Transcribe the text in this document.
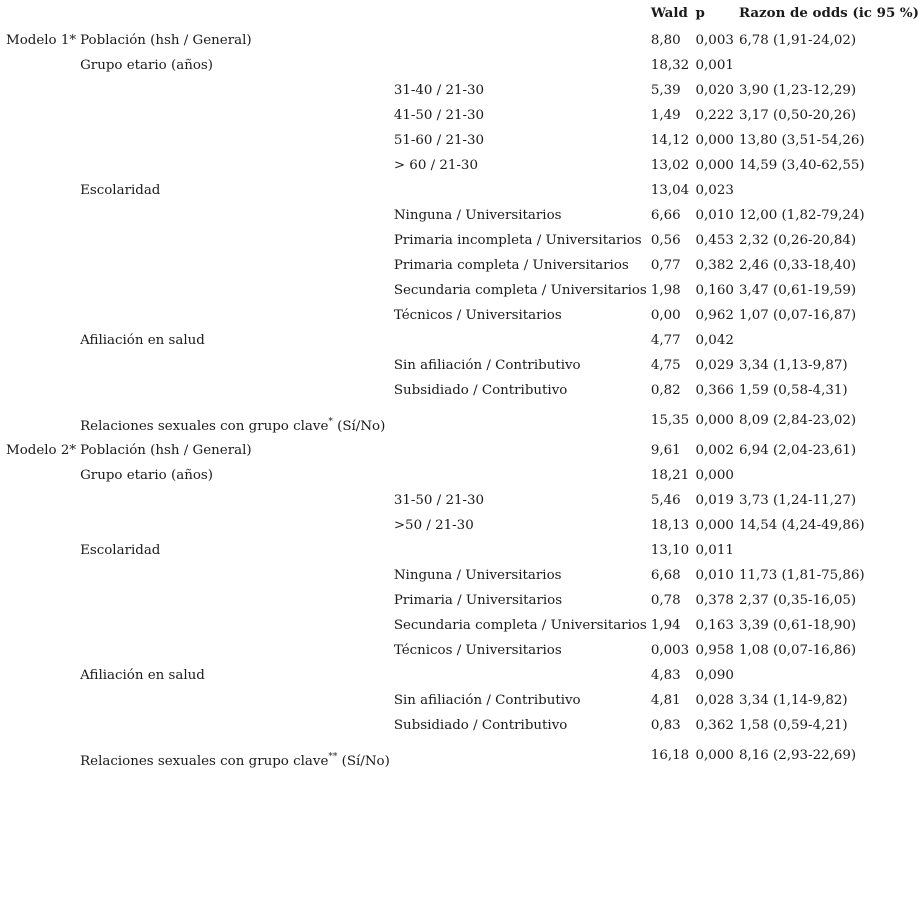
			Wald	p	Razon de odds (ic 95 %)
Modelo 1*	Población (hsh / General)		8,80	0,003	6,78 (1,91-24,02)
	Grupo etario (años)		18,32	0,001	
		31-40 / 21-30	5,39	0,020	3,90 (1,23-12,29)
		41-50 / 21-30	1,49	0,222	3,17 (0,50-20,26)
		51-60 / 21-30	14,12	0,000	13,80 (3,51-54,26)
		> 60 / 21-30	13,02	0,000	14,59 (3,40-62,55)
	Escolaridad		13,04	0,023	
		Ninguna / Universitarios	6,66	0,010	12,00 (1,82-79,24)
		Primaria incompleta / Universitarios	0,56	0,453	2,32 (0,26-20,84)
		Primaria completa / Universitarios	0,77	0,382	2,46 (0,33-18,40)
		Secundaria completa / Universitarios	1,98	0,160	3,47 (0,61-19,59)
		Técnicos / Universitarios	0,00	0,962	1,07 (0,07-16,87)
	Afiliación en salud		4,77	0,042	
		Sin afiliación / Contributivo	4,75	0,029	3,34 (1,13-9,87)
		Subsidiado / Contributivo	0,82	0,366	1,59 (0,58-4,31)
	Relaciones sexuales con grupo clave* (Sí/No)		15,35	0,000	8,09 (2,84-23,02)
Modelo 2*	Población (hsh / General)		9,61	0,002	6,94 (2,04-23,61)
	Grupo etario (años)		18,21	0,000	
		31-50 / 21-30	5,46	0,019	3,73 (1,24-11,27)
		>50 / 21-30	18,13	0,000	14,54 (4,24-49,86)
	Escolaridad		13,10	0,011	
		Ninguna / Universitarios	6,68	0,010	11,73 (1,81-75,86)
		Primaria / Universitarios	0,78	0,378	2,37 (0,35-16,05)
		Secundaria completa / Universitarios	1,94	0,163	3,39 (0,61-18,90)
		Técnicos / Universitarios	0,003	0,958	1,08 (0,07-16,86)
	Afiliación en salud		4,83	0,090	
		Sin afiliación / Contributivo	4,81	0,028	3,34 (1,14-9,82)
		Subsidiado / Contributivo	0,83	0,362	1,58 (0,59-4,21)
	Relaciones sexuales con grupo clave** (Sí/No)		16,18	0,000	8,16 (2,93-22,69)
